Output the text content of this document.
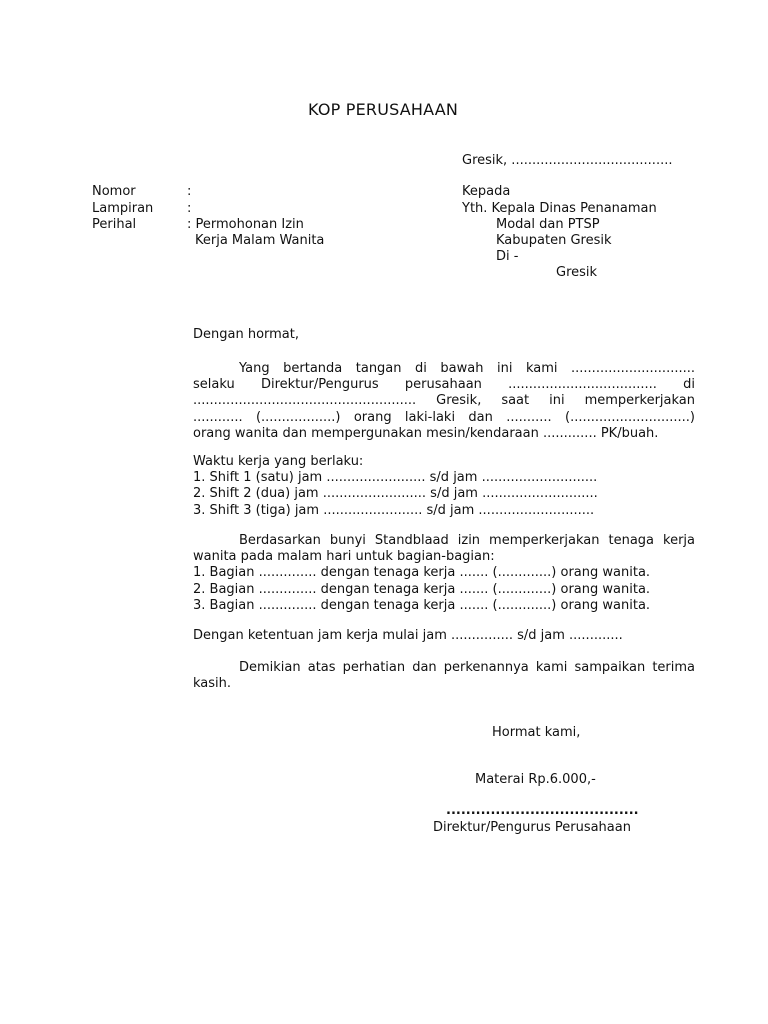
KOP PERUSAHAAN
Gresik, .......................................
Nomor	:
Lampiran	:
Perihal	: Permohonan Izin
Kerja Malam Wanita
Kepada
Yth. Kepala Dinas Penanaman
Modal dan PTSP
Kabupaten Gresik
Di -
Gresik
Dengan hormat,
Yang bertanda tangan di bawah ini kami ..............................
selaku Direktur/Pengurus perusahaan .................................... di
...................................................... Gresik, saat ini memperkerjakan
............ (..................) orang laki-laki dan ........... (.............................)
orang wanita dan mempergunakan mesin/kendaraan ............. PK/buah.
Waktu kerja yang berlaku:
1. Shift 1 (satu) jam ........................ s/d jam ............................
2. Shift 2 (dua) jam ......................... s/d jam ............................
3. Shift 3 (tiga) jam ........................ s/d jam ............................
Berdasarkan bunyi Standblaad izin memperkerjakan tenaga kerja
wanita pada malam hari untuk bagian-bagian:
1. Bagian .............. dengan tenaga kerja ....... (.............) orang wanita.
2. Bagian .............. dengan tenaga kerja ....... (.............) orang wanita.
3. Bagian .............. dengan tenaga kerja ....... (.............) orang wanita.
Dengan ketentuan jam kerja mulai jam ............... s/d jam .............
Demikian atas perhatian dan perkenannya kami sampaikan terima
kasih.
Hormat kami,
Materai Rp.6.000,-
.......................................
Direktur/Pengurus Perusahaan
